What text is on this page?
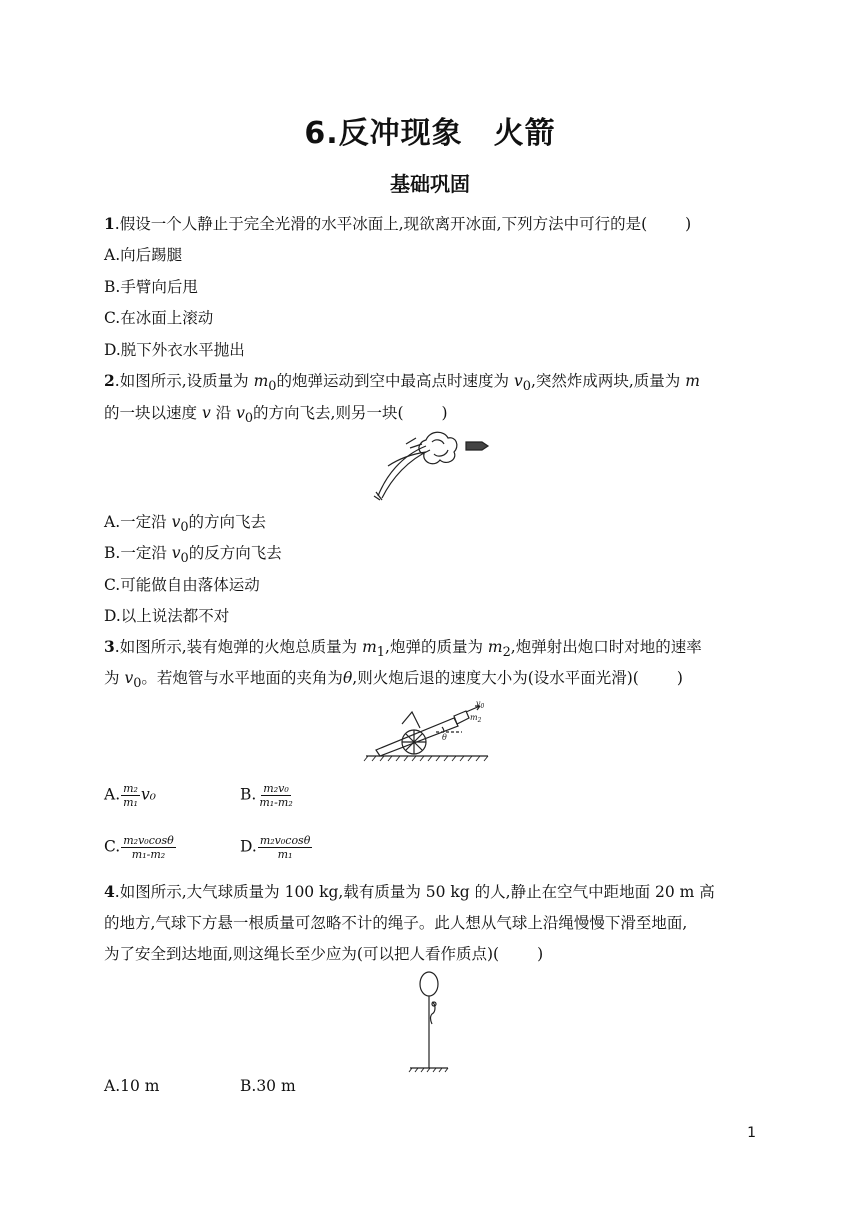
6.反冲现象　火箭
基础巩固
1.假设一个人静止于完全光滑的水平冰面上,现欲离开冰面,下列方法中可行的是( )
A.向后踢腿
B.手臂向后甩
C.在冰面上滚动
D.脱下外衣水平抛出
2.如图所示,设质量为 $m_0$的炮弹运动到空中最高点时速度为 $v_0$,突然炸成两块,质量为 m
的一块以速度 v 沿 $v_0$的方向飞去,则另一块( )
A.一定沿 $v_0$的方向飞去
B.一定沿 $v_0$的反方向飞去
C.可能做自由落体运动
D.以上说法都不对
3.如图所示,装有炮弹的火炮总质量为 $m_1$,炮弹的质量为 $m_2$,炮弹射出炮口时对地的速率
为 $v_0$。若炮管与水平地面的夹角为θ,则火炮后退的速度大小为(设水平面光滑)( )
$v_0$
$m_2$
θ
A. $\frac{\text{m₂}}{\text{m₁}} v_0$	B. $\frac{\text{m₂v₀}}{\text{m₁-m₂}}$
C. $\frac{\text{m₂v₀cosθ}}{\text{m₁-m₂}}$	D. $\frac{\text{m₂v₀cosθ}}{\text{m₁}}$
4.如图所示,大气球质量为 100 kg,载有质量为 50 kg 的人,静止在空气中距地面 20 m 高
的地方,气球下方悬一根质量可忽略不计的绳子。此人想从气球上沿绳慢慢下滑至地面,
为了安全到达地面,则这绳长至少应为(可以把人看作质点)( )
A.10 m	B.30 m
1
